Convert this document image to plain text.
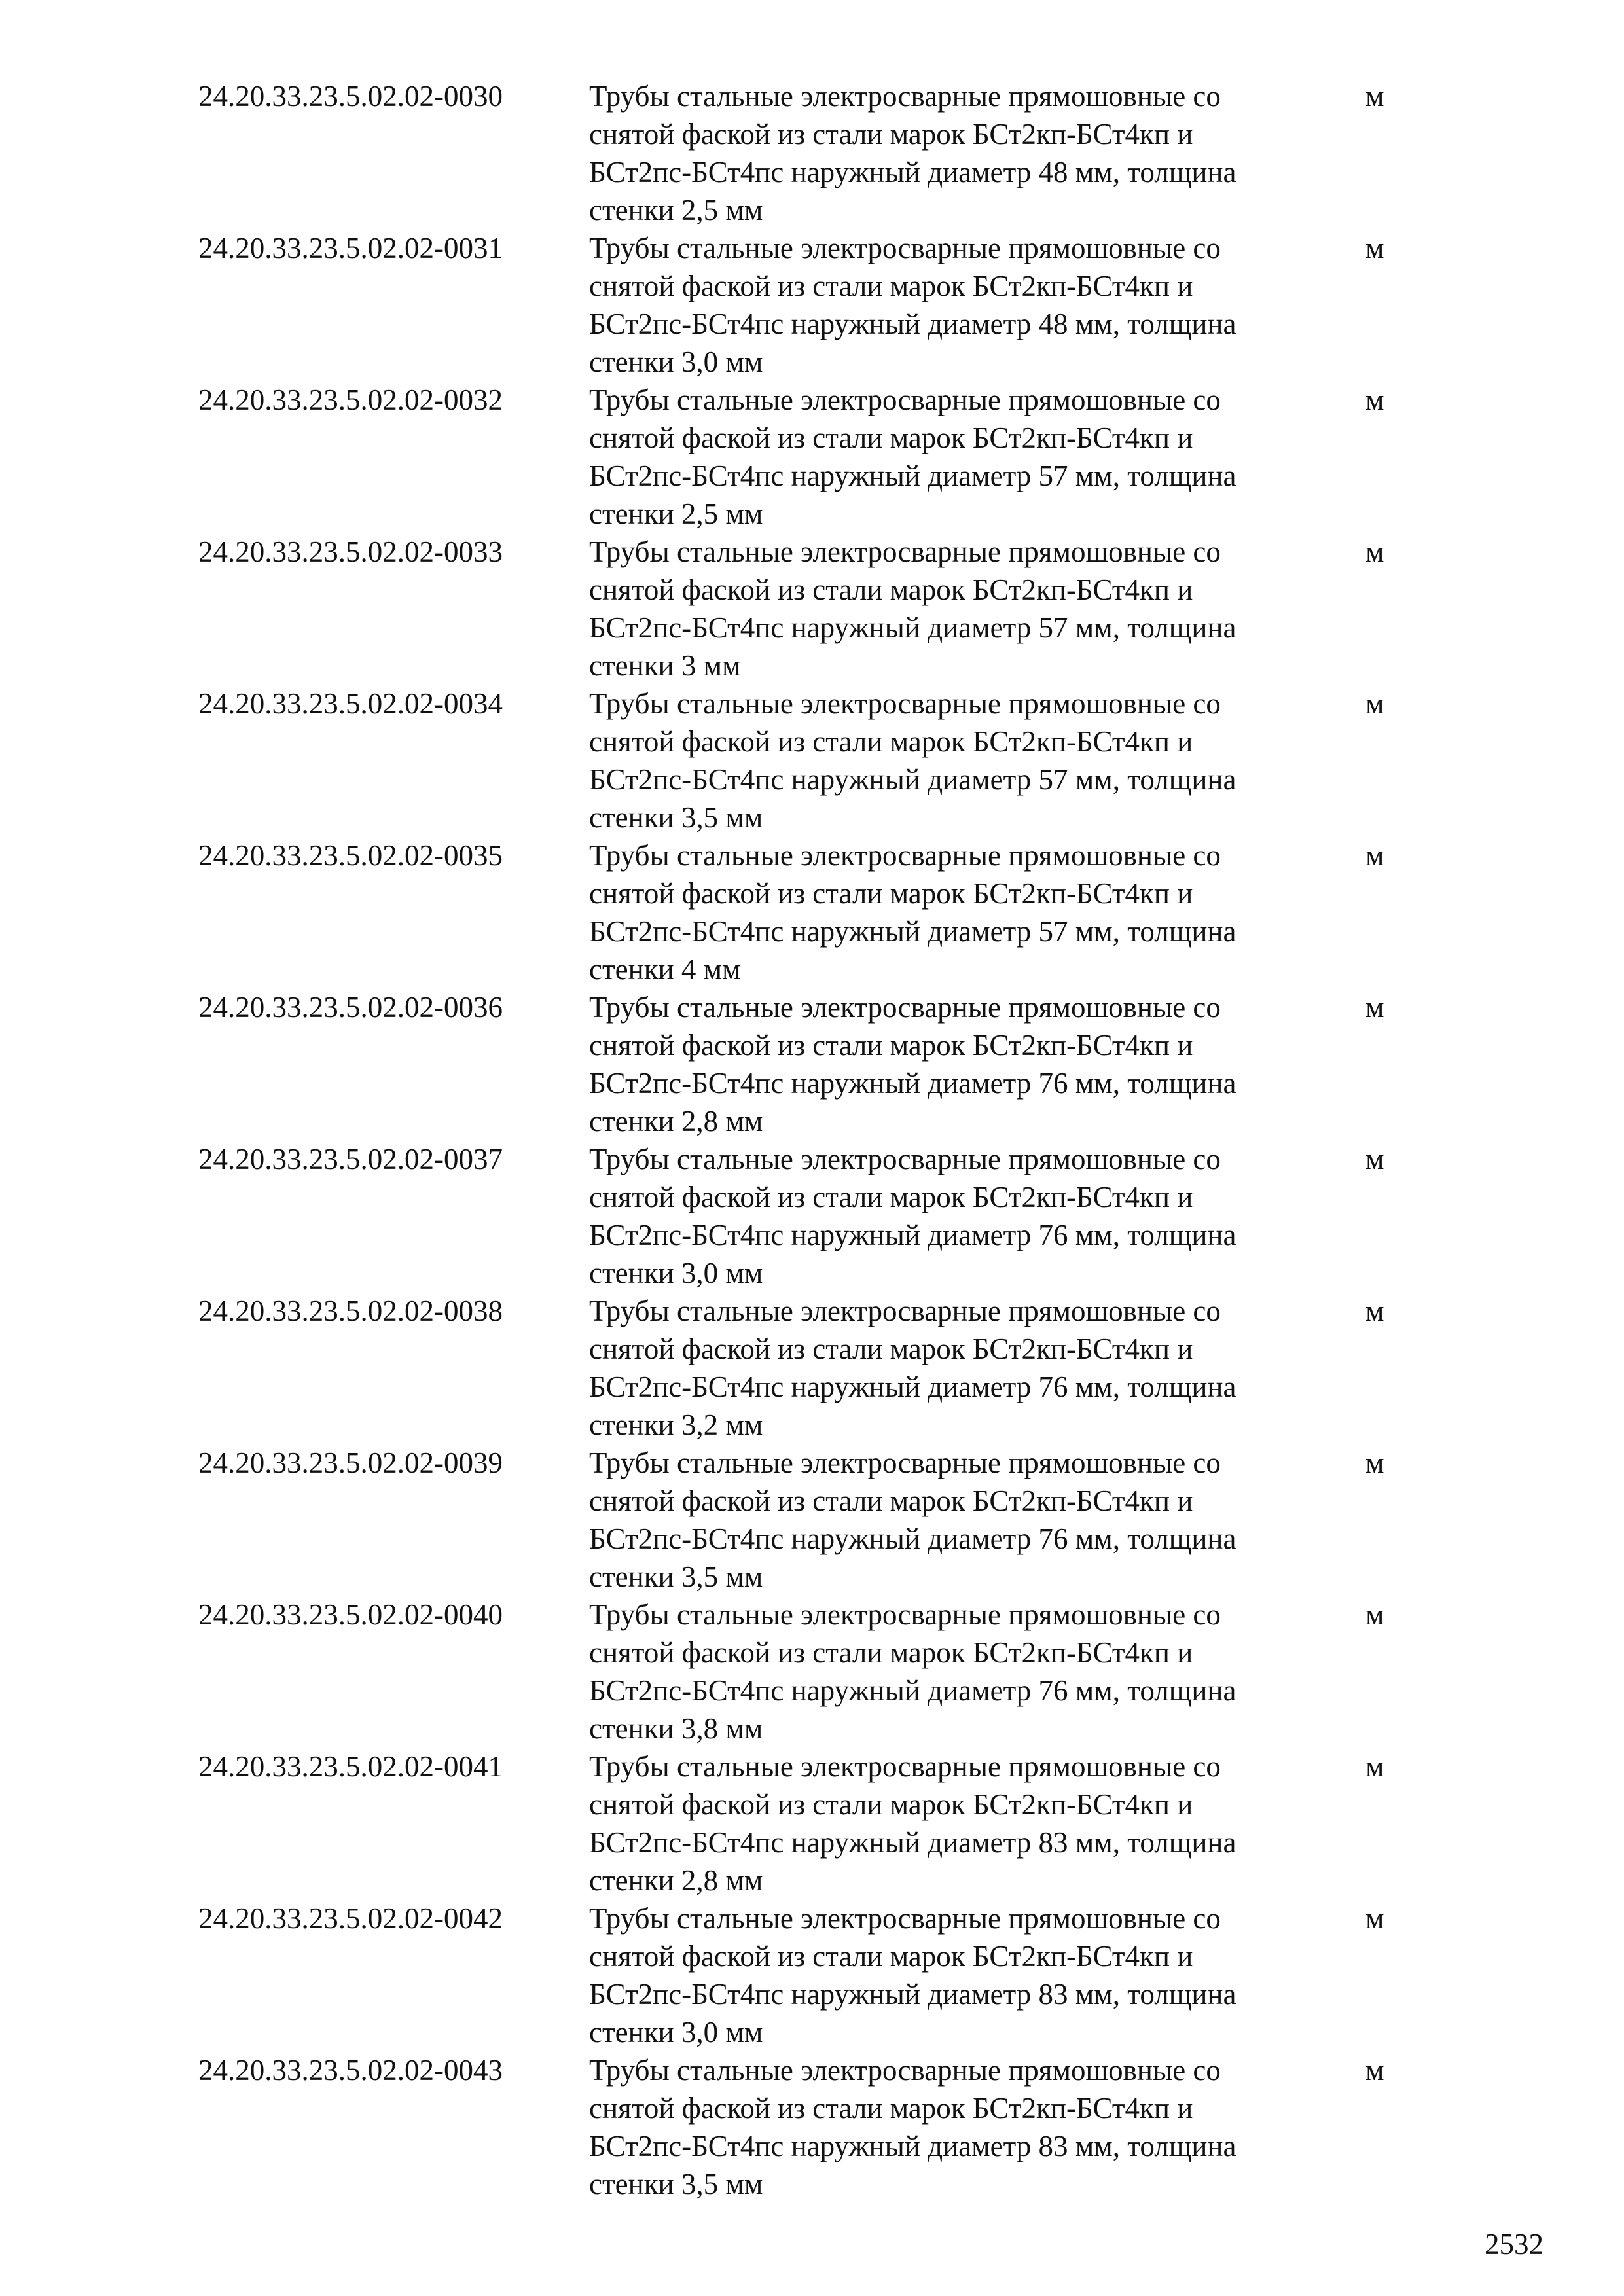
24.20.33.23.5.02.02-0030	Трубы стальные электросварные прямошовные со
снятой фаской из стали марок БСт2кп-БСт4кп и
БСт2пс-БСт4пс наружный диаметр 48 мм, толщина
стенки 2,5 мм
м
24.20.33.23.5.02.02-0031	Трубы стальные электросварные прямошовные со
снятой фаской из стали марок БСт2кп-БСт4кп и
БСт2пс-БСт4пс наружный диаметр 48 мм, толщина
стенки 3,0 мм
м
24.20.33.23.5.02.02-0032	Трубы стальные электросварные прямошовные со
снятой фаской из стали марок БСт2кп-БСт4кп и
БСт2пс-БСт4пс наружный диаметр 57 мм, толщина
стенки 2,5 мм
м
24.20.33.23.5.02.02-0033	Трубы стальные электросварные прямошовные со
снятой фаской из стали марок БСт2кп-БСт4кп и
БСт2пс-БСт4пс наружный диаметр 57 мм, толщина
стенки 3 мм
м
24.20.33.23.5.02.02-0034	Трубы стальные электросварные прямошовные со
снятой фаской из стали марок БСт2кп-БСт4кп и
БСт2пс-БСт4пс наружный диаметр 57 мм, толщина
стенки 3,5 мм
м
24.20.33.23.5.02.02-0035	Трубы стальные электросварные прямошовные со
снятой фаской из стали марок БСт2кп-БСт4кп и
БСт2пс-БСт4пс наружный диаметр 57 мм, толщина
стенки 4 мм
м
24.20.33.23.5.02.02-0036	Трубы стальные электросварные прямошовные со
снятой фаской из стали марок БСт2кп-БСт4кп и
БСт2пс-БСт4пс наружный диаметр 76 мм, толщина
стенки 2,8 мм
м
24.20.33.23.5.02.02-0037	Трубы стальные электросварные прямошовные со
снятой фаской из стали марок БСт2кп-БСт4кп и
БСт2пс-БСт4пс наружный диаметр 76 мм, толщина
стенки 3,0 мм
м
24.20.33.23.5.02.02-0038	Трубы стальные электросварные прямошовные со
снятой фаской из стали марок БСт2кп-БСт4кп и
БСт2пс-БСт4пс наружный диаметр 76 мм, толщина
стенки 3,2 мм
м
24.20.33.23.5.02.02-0039	Трубы стальные электросварные прямошовные со
снятой фаской из стали марок БСт2кп-БСт4кп и
БСт2пс-БСт4пс наружный диаметр 76 мм, толщина
стенки 3,5 мм
м
24.20.33.23.5.02.02-0040	Трубы стальные электросварные прямошовные со
снятой фаской из стали марок БСт2кп-БСт4кп и
БСт2пс-БСт4пс наружный диаметр 76 мм, толщина
стенки 3,8 мм
м
24.20.33.23.5.02.02-0041	Трубы стальные электросварные прямошовные со
снятой фаской из стали марок БСт2кп-БСт4кп и
БСт2пс-БСт4пс наружный диаметр 83 мм, толщина
стенки 2,8 мм
м
24.20.33.23.5.02.02-0042	Трубы стальные электросварные прямошовные со
снятой фаской из стали марок БСт2кп-БСт4кп и
БСт2пс-БСт4пс наружный диаметр 83 мм, толщина
стенки 3,0 мм
м
24.20.33.23.5.02.02-0043	Трубы стальные электросварные прямошовные со
снятой фаской из стали марок БСт2кп-БСт4кп и
БСт2пс-БСт4пс наружный диаметр 83 мм, толщина
стенки 3,5 мм
м
2532
